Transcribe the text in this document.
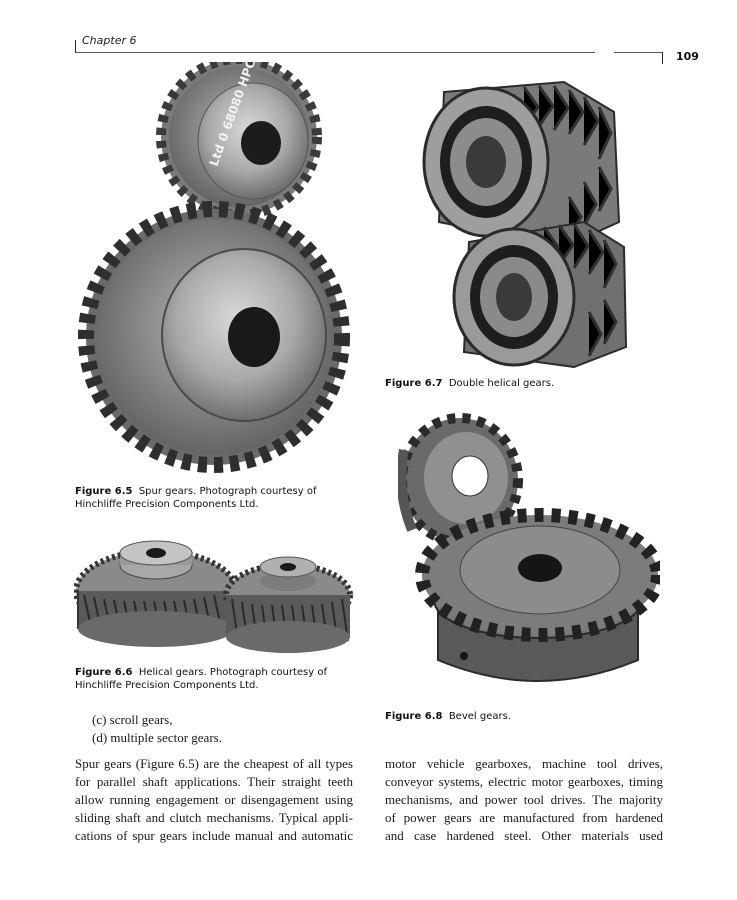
Chapter 6
109
Figure 6.5 Spur gears. Photograph courtesy of
Hinchliffe Precision Components Ltd.
Figure 6.6 Helical gears. Photograph courtesy of
Hinchliffe Precision Components Ltd.
Figure 6.7 Double helical gears.
Figure 6.8 Bevel gears.
(c) scroll gears,
(d) multiple sector gears.
Spur gears (Figure 6.5) are the cheapest of all types
for parallel shaft applications. Their straight teeth
allow running engagement or disengagement using
sliding shaft and clutch mechanisms. Typical appli-
cations of spur gears include manual and automatic
motor vehicle gearboxes, machine tool drives,
conveyor systems, electric motor gearboxes, timing
mechanisms, and power tool drives. The majority
of power gears are manufactured from hardened
and case hardened steel. Other materials used
